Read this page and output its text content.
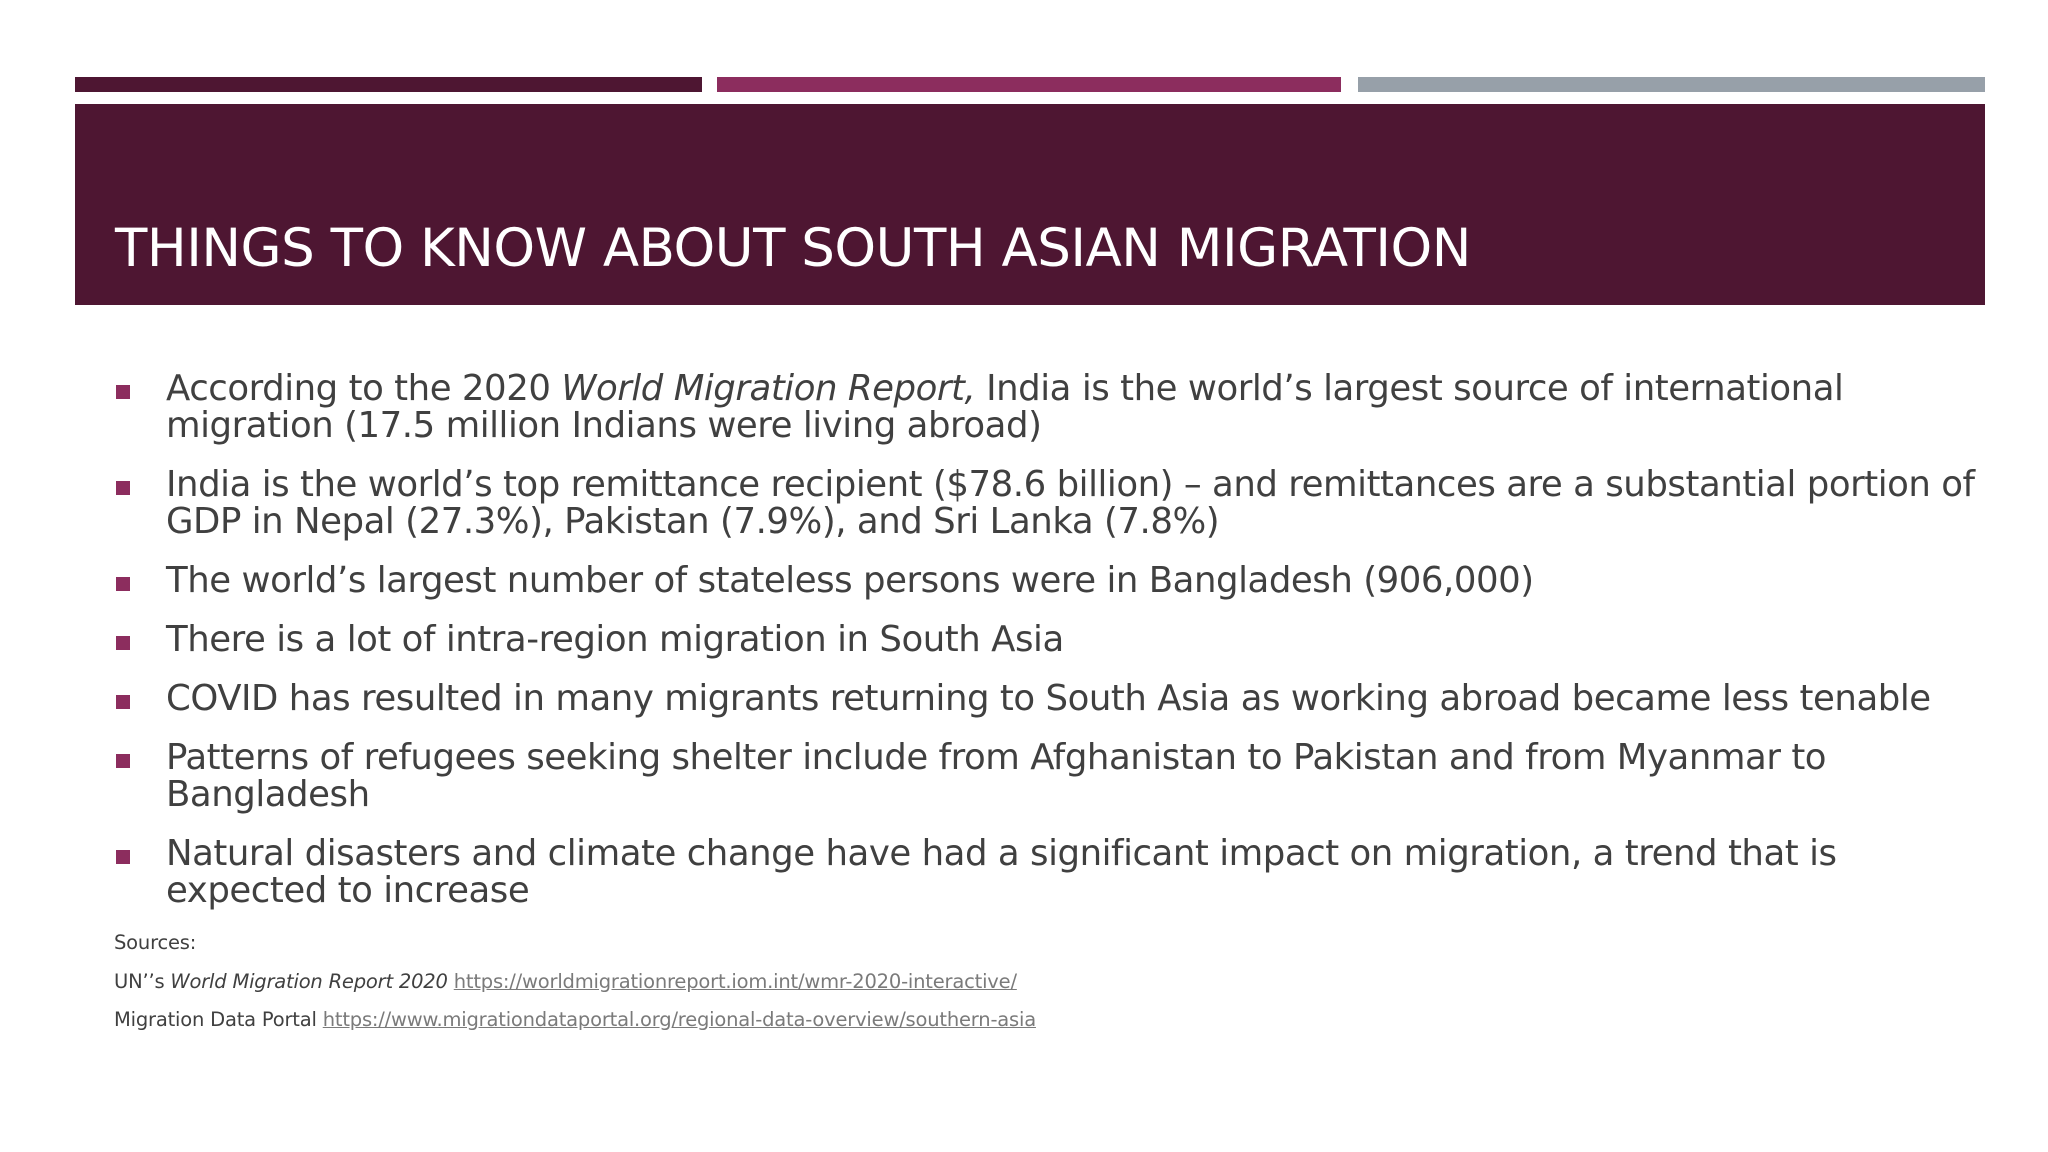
THINGS TO KNOW ABOUT SOUTH ASIAN MIGRATION
According to the 2020 World Migration Report, India is the world’s largest source of international migration (17.5 million Indians were living abroad)
India is the world’s top remittance recipient ($78.6 billion) – and remittances are a substantial portion of GDP in Nepal (27.3%), Pakistan (7.9%), and Sri Lanka (7.8%)
The world’s largest number of stateless persons were in Bangladesh (906,000)
There is a lot of intra-region migration in South Asia
COVID has resulted in many migrants returning to South Asia as working abroad became less tenable
Patterns of refugees seeking shelter include from Afghanistan to Pakistan and from Myanmar to Bangladesh
Natural disasters and climate change have had a significant impact on migration, a trend that is expected to increase
Sources:
UN’’s World Migration Report 2020 https://worldmigrationreport.iom.int/wmr-2020-interactive/
Migration Data Portal https://www.migrationdataportal.org/regional-data-overview/southern-asia
